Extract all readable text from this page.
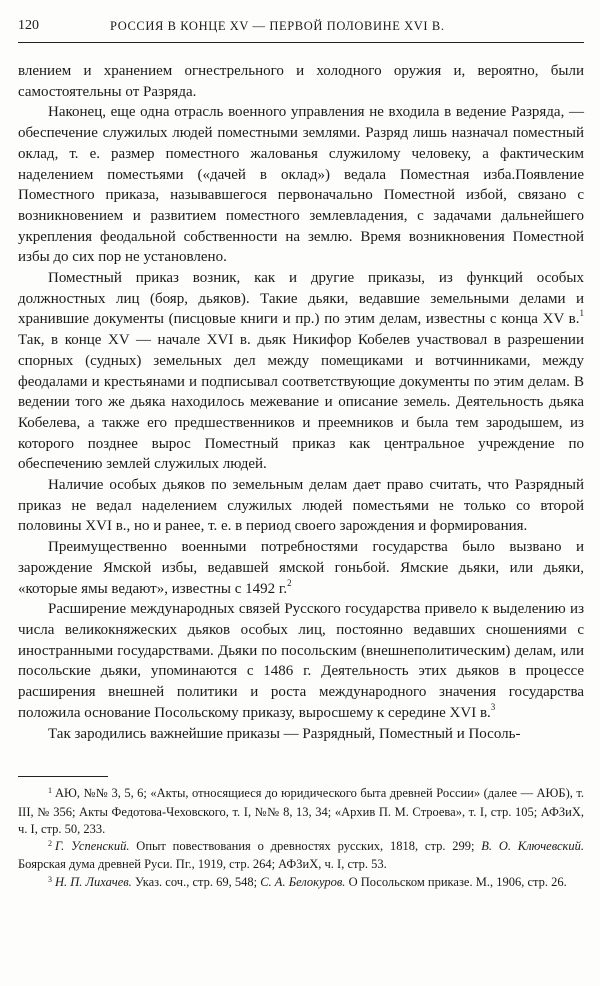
120	РОССИЯ В КОНЦЕ XV — ПЕРВОЙ ПОЛОВИНЕ XVI В.

влением и хранением огнестрельного и холодного оружия и, вероятно, были самостоятельны от Разряда.

Наконец, еще одна отрасль военного управления не входила в ведение Разряда, — обеспечение служилых людей поместными землями. Разряд лишь назначал поместный оклад, т. е. размер поместного жалованья служилому человеку, а фактическим наделением поместьями («дачей в оклад») ведала Поместная изба.Появление Поместного приказа, называвшегося первоначально Поместной избой, связано с возникновением и развитием поместного землевладения, с задачами дальнейшего укрепления феодальной собственности на землю. Время возникновения Поместной избы до сих пор не установлено.

Поместный приказ возник, как и другие приказы, из функций особых должностных лиц (бояр, дьяков). Такие дьяки, ведавшие земельными делами и хранившие документы (писцовые книги и пр.) по этим делам, известны с конца XV в.$^1$ Так, в конце XV — начале XVI в. дьяк Никифор Кобелев участвовал в разрешении спорных (судных) земельных дел между помещиками и вотчинниками, между феодалами и крестьянами и подписывал соответствующие документы по этим делам. В ведении того же дьяка находилось межевание и описание земель. Деятельность дьяка Кобелева, а также его предшественников и преемников и была тем зародышем, из которого позднее вырос Поместный приказ как центральное учреждение по обеспечению землей служилых людей.

Наличие особых дьяков по земельным делам дает право считать, что Разрядный приказ не ведал наделением служилых людей поместьями не только со второй половины XVI в., но и ранее, т. е. в период своего зарождения и формирования.

Преимущественно военными потребностями государства было вызвано и зарождение Ямской избы, ведавшей ямской гоньбой. Ямские дьяки, или дьяки, «которые ямы ведают», известны с 1492 г.$^2$

Расширение международных связей Русского государства привело к выделению из числа великокняжеских дьяков особых лиц, постоянно ведавших сношениями с иностранными государствами. Дьяки по посольским (внешнеполитическим) делам, или посольские дьяки, упоминаются с 1486 г. Деятельность этих дьяков в процессе расширения внешней политики и роста международного значения государства положила основание Посольскому приказу, выросшему к середине XVI в.$^3$

Так зародились важнейшие приказы — Разрядный, Поместный и Посоль-

$^1$ АЮ, №№ 3, 5, 6; «Акты, относящиеся до юридического быта древней России» (далее — АЮБ), т. III, № 356; Акты Федотова-Чеховского, т. I, №№ 8, 13, 34; «Архив П. М. Строева», т. I, стр. 105; АФЗиХ, ч. I, стр. 50, 233.

$^2$ Г. Успенский. Опыт повествования о древностях русских, 1818, стр. 299; В. О. Ключевский. Боярская дума древней Руси. Пг., 1919, стр. 264; АФЗиХ, ч. I, стр. 53.

$^3$ Н. П. Лихачев. Указ. соч., стр. 69, 548; С. А. Белокуров. О Посольском приказе. М., 1906, стр. 26.
